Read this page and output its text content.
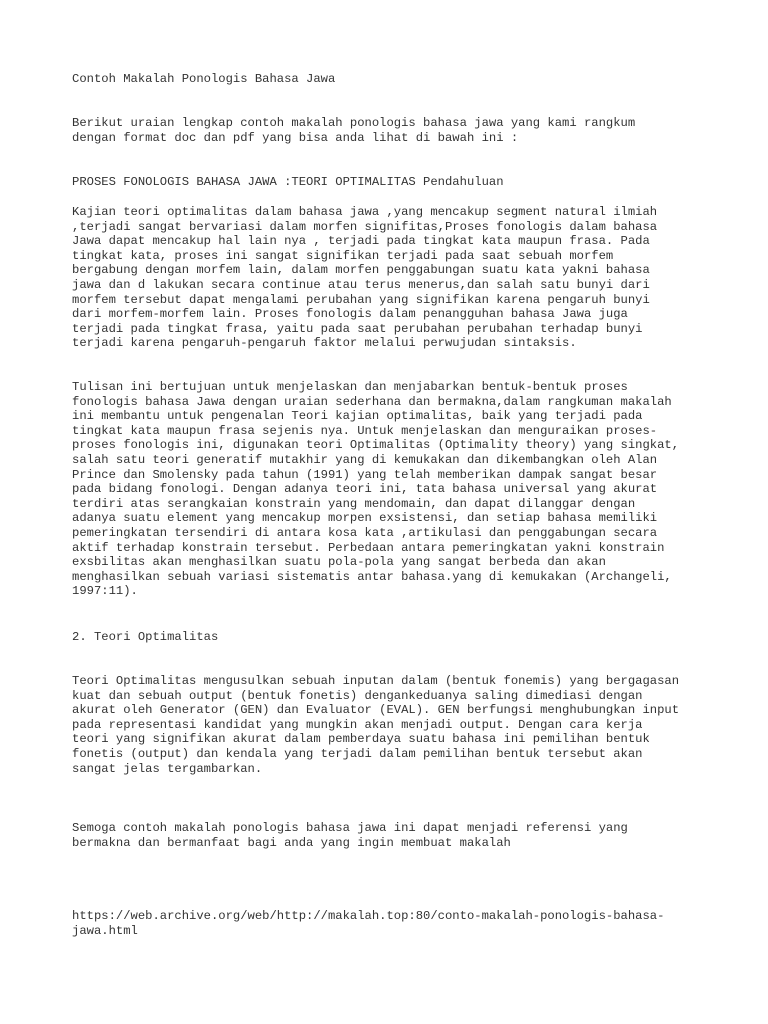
Contoh Makalah Ponologis Bahasa Jawa

Berikut uraian lengkap contoh makalah ponologis bahasa jawa yang kami rangkum
dengan format doc dan pdf yang bisa anda lihat di bawah ini :

PROSES FONOLOGIS BAHASA JAWA :TEORI OPTIMALITAS Pendahuluan

Kajian teori optimalitas dalam bahasa jawa ,yang mencakup segment natural ilmiah
,terjadi sangat bervariasi dalam morfen signifitas,Proses fonologis dalam bahasa
Jawa dapat mencakup hal lain nya , terjadi pada tingkat kata maupun frasa. Pada
tingkat kata, proses ini sangat signifikan terjadi pada saat sebuah morfem
bergabung dengan morfem lain, dalam morfen penggabungan suatu kata yakni bahasa
jawa dan d lakukan secara continue atau terus menerus,dan salah satu bunyi dari
morfem tersebut dapat mengalami perubahan yang signifikan karena pengaruh bunyi
dari morfem-morfem lain. Proses fonologis dalam penangguhan bahasa Jawa juga
terjadi pada tingkat frasa, yaitu pada saat perubahan perubahan terhadap bunyi
terjadi karena pengaruh-pengaruh faktor melalui perwujudan sintaksis.

Tulisan ini bertujuan untuk menjelaskan dan menjabarkan bentuk-bentuk proses
fonologis bahasa Jawa dengan uraian sederhana dan bermakna,dalam rangkuman makalah
ini membantu untuk pengenalan Teori kajian optimalitas, baik yang terjadi pada
tingkat kata maupun frasa sejenis nya. Untuk menjelaskan dan menguraikan proses-
proses fonologis ini, digunakan teori Optimalitas (Optimality theory) yang singkat,
salah satu teori generatif mutakhir yang di kemukakan dan dikembangkan oleh Alan
Prince dan Smolensky pada tahun (1991) yang telah memberikan dampak sangat besar
pada bidang fonologi. Dengan adanya teori ini, tata bahasa universal yang akurat
terdiri atas serangkaian konstrain yang mendomain, dan dapat dilanggar dengan
adanya suatu element yang mencakup morpen exsistensi, dan setiap bahasa memiliki
pemeringkatan tersendiri di antara kosa kata ,artikulasi dan penggabungan secara
aktif terhadap konstrain tersebut. Perbedaan antara pemeringkatan yakni konstrain
exsbilitas akan menghasilkan suatu pola-pola yang sangat berbeda dan akan
menghasilkan sebuah variasi sistematis antar bahasa.yang di kemukakan (Archangeli,
1997:11).

2. Teori Optimalitas

Teori Optimalitas mengusulkan sebuah inputan dalam (bentuk fonemis) yang bergagasan
kuat dan sebuah output (bentuk fonetis) dengankeduanya saling dimediasi dengan
akurat oleh Generator (GEN) dan Evaluator (EVAL). GEN berfungsi menghubungkan input
pada representasi kandidat yang mungkin akan menjadi output. Dengan cara kerja
teori yang signifikan akurat dalam pemberdaya suatu bahasa ini pemilihan bentuk
fonetis (output) dan kendala yang terjadi dalam pemilihan bentuk tersebut akan
sangat jelas tergambarkan.

Semoga contoh makalah ponologis bahasa jawa ini dapat menjadi referensi yang
bermakna dan bermanfaat bagi anda yang ingin membuat makalah

https://web.archive.org/web/http://makalah.top:80/conto-makalah-ponologis-bahasa-
jawa.html
